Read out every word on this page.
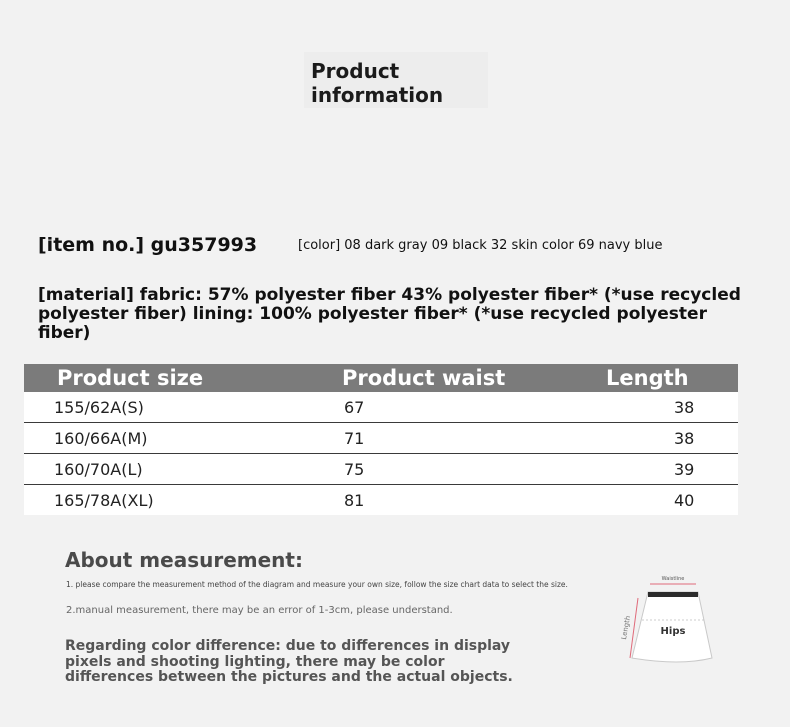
Product
information
[item no.] gu357993	[color] 08 dark gray 09 black 32 skin color 69 navy blue
[material] fabric: 57% polyester fiber 43% polyester fiber* (*use recycled polyester fiber) lining: 100% polyester fiber* (*use recycled polyester fiber)
Product size	Product waist	Length
155/62A(S)	67	38
160/66A(M)	71	38
160/70A(L)	75	39
165/78A(XL)	81	40
About measurement:
1. please compare the measurement method of the diagram and measure your own size, follow the size chart data to select the size.
2.manual measurement, there may be an error of 1-3cm, please understand.
Regarding color difference: due to differences in display pixels and shooting lighting, there may be color differences between the pictures and the actual objects.
Waistline
Hips
Length
